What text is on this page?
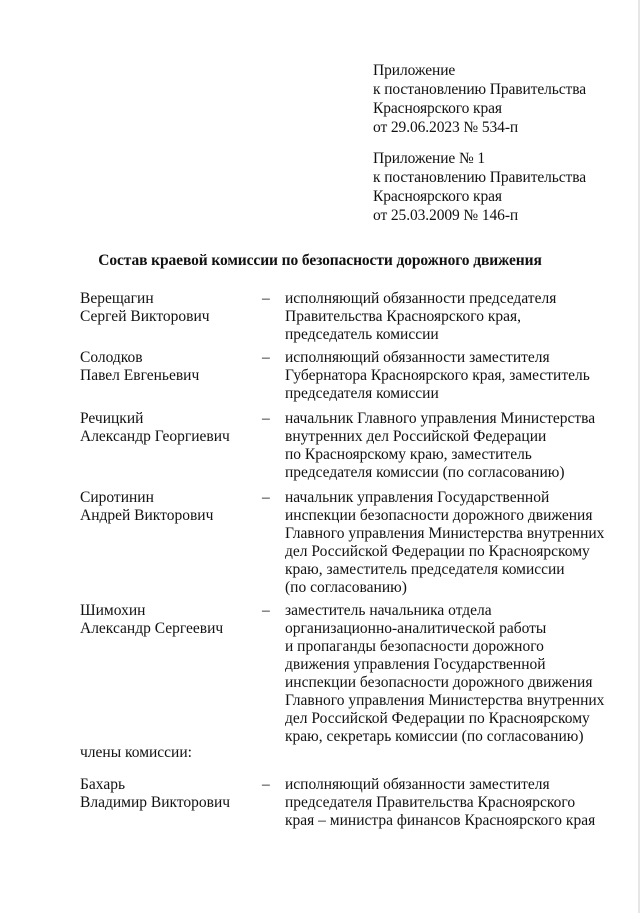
Приложение
к постановлению Правительства
Красноярского края
от 29.06.2023 № 534-п
Приложение № 1
к постановлению Правительства
Красноярского края
от 25.03.2009 № 146-п
Состав краевой комиссии по безопасности дорожного движения
Верещагин
Сергей Викторович
– исполняющий обязанности председателя
Правительства Красноярского края,
председатель комиссии
Солодков
Павел Евгеньевич
– исполняющий обязанности заместителя
Губернатора Красноярского края, заместитель
председателя комиссии
Речицкий
Александр Георгиевич
– начальник Главного управления Министерства
внутренних дел Российской Федерации
по Красноярскому краю, заместитель
председателя комиссии (по согласованию)
Сиротинин
Андрей Викторович
– начальник управления Государственной
инспекции безопасности дорожного движения
Главного управления Министерства внутренних
дел Российской Федерации по Красноярскому
краю, заместитель председателя комиссии
(по согласованию)
Шимохин
Александр Сергеевич
– заместитель начальника отдела
организационно-аналитической работы
и пропаганды безопасности дорожного
движения управления Государственной
инспекции безопасности дорожного движения
Главного управления Министерства внутренних
дел Российской Федерации по Красноярскому
краю, секретарь комиссии (по согласованию)
члены комиссии:
Бахарь
Владимир Викторович
– исполняющий обязанности заместителя
председателя Правительства Красноярского
края – министра финансов Красноярского края
